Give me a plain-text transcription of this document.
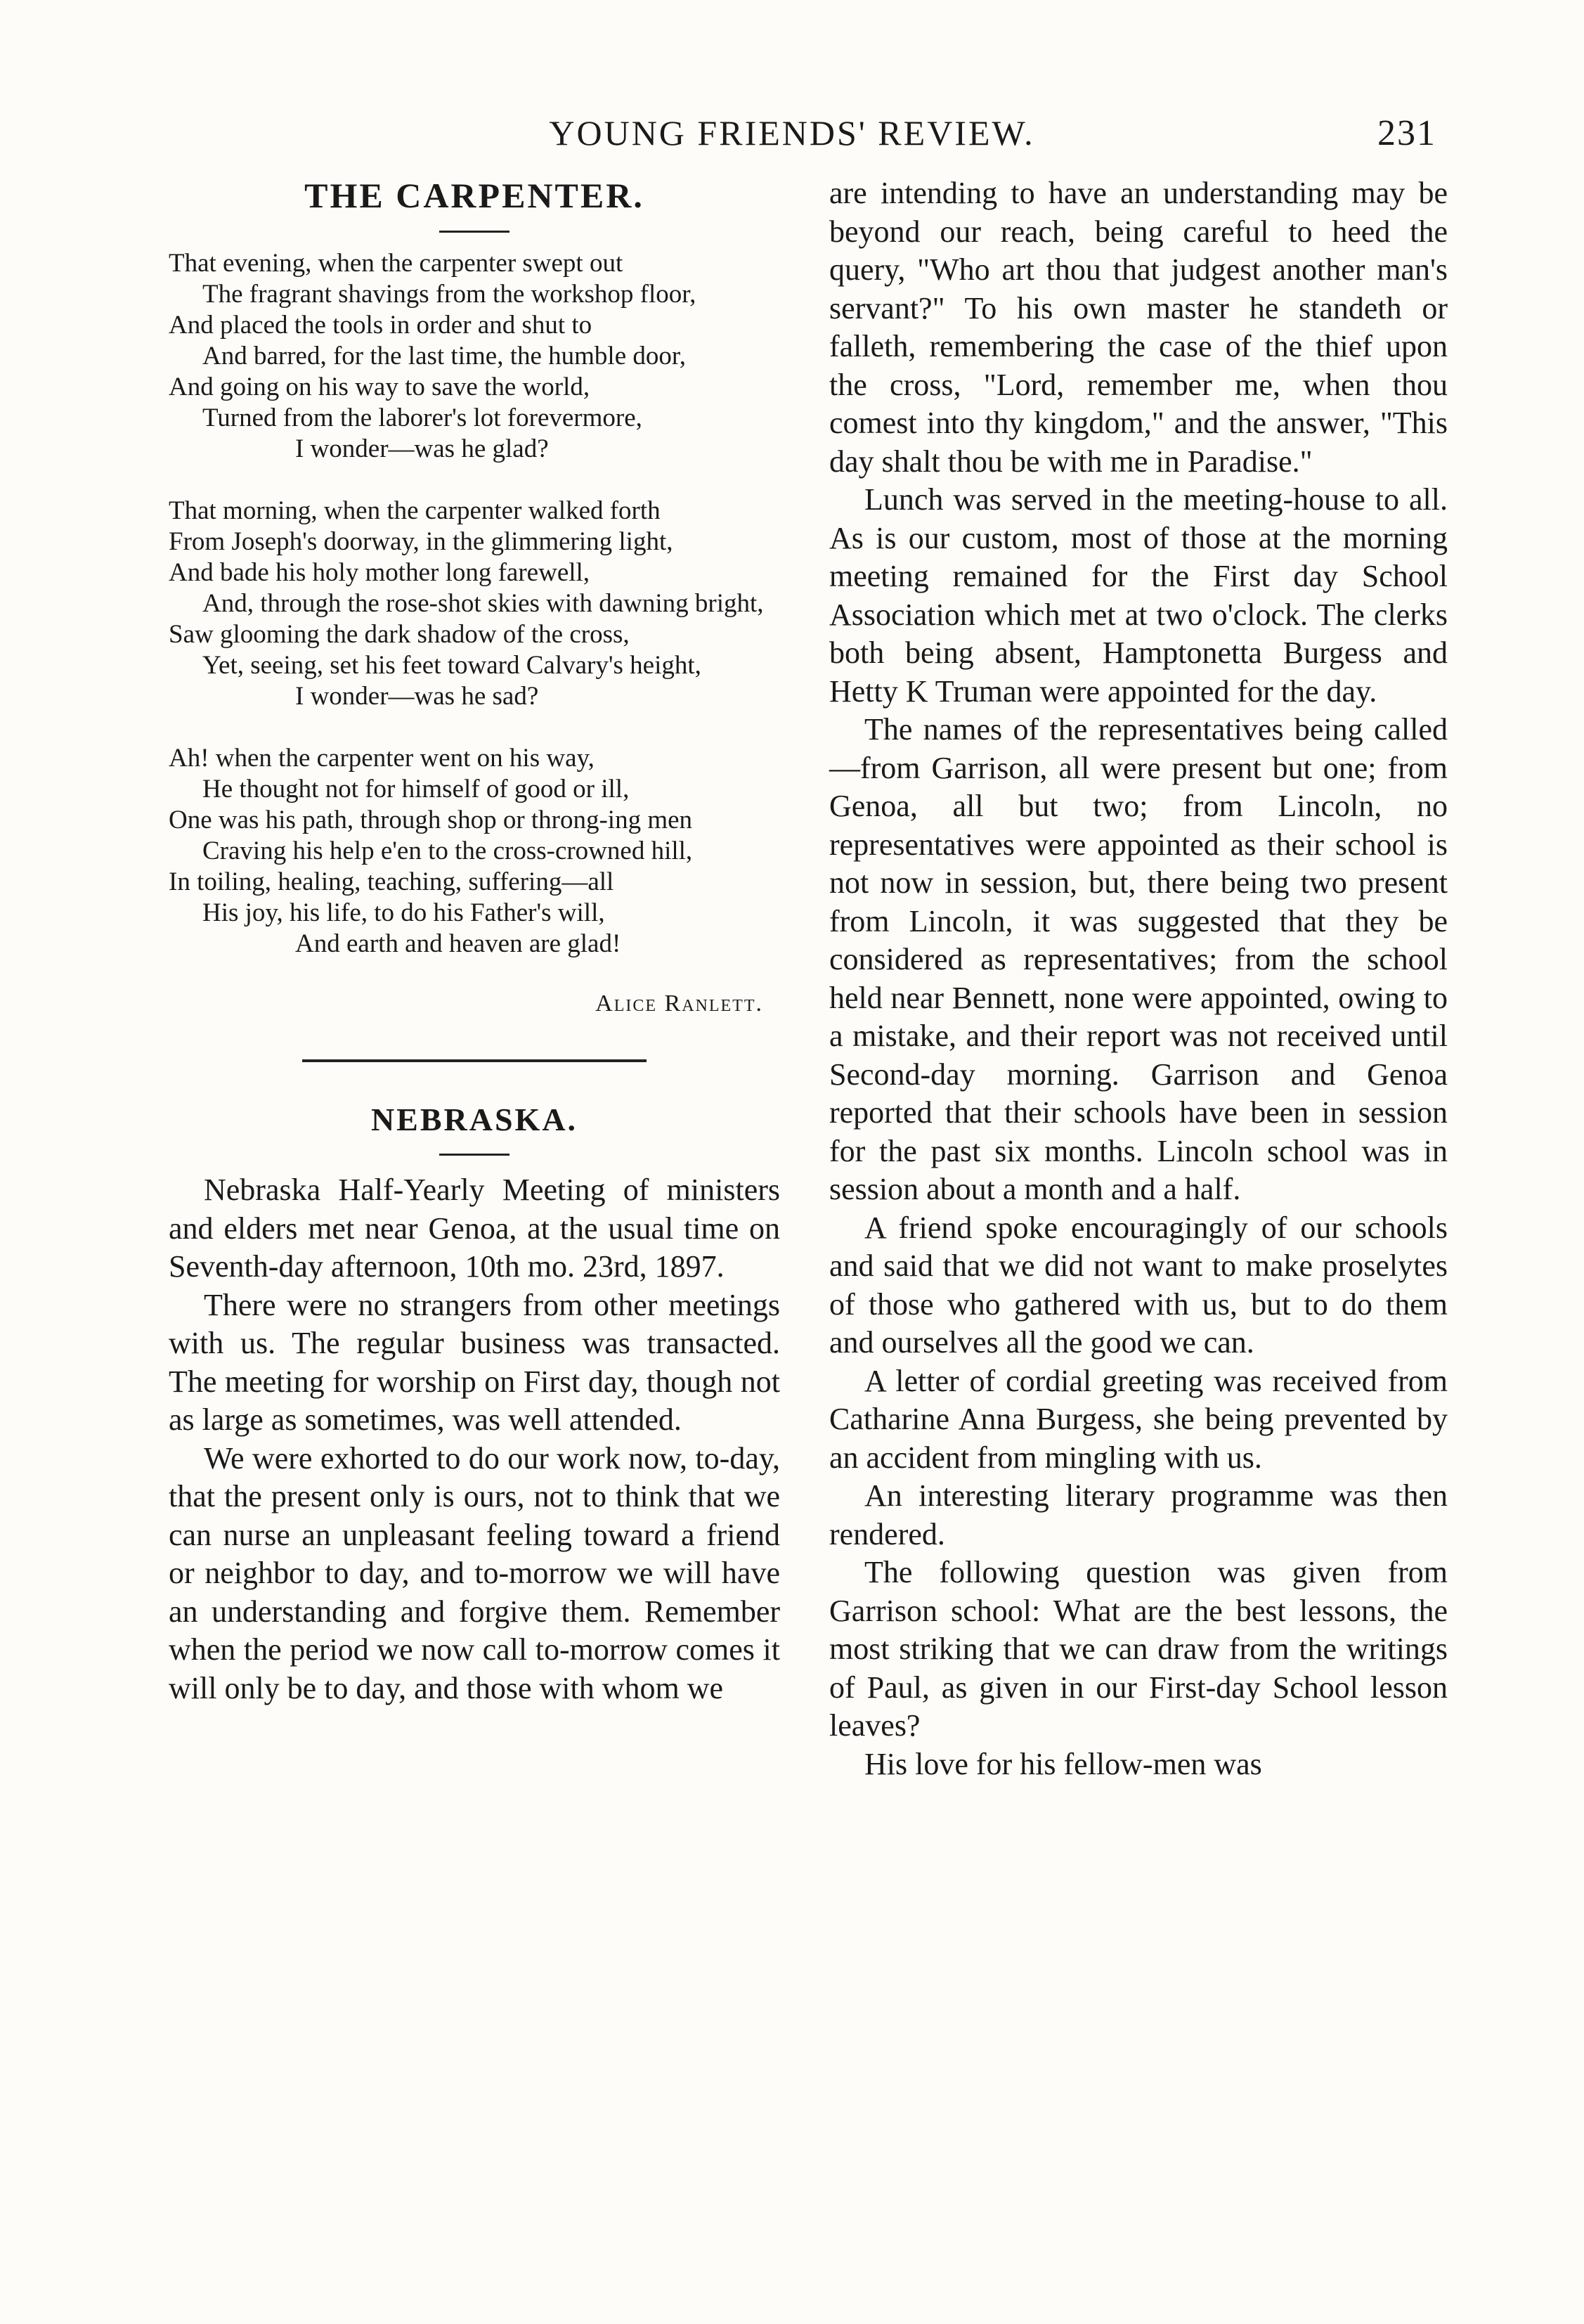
YOUNG FRIENDS' REVIEW.	231
THE CARPENTER.
That evening, when the carpenter swept out
The fragrant shavings from the workshop floor,
And placed the tools in order and shut to
And barred, for the last time, the humble door,
And going on his way to save the world,
Turned from the laborer's lot forevermore,
I wonder—was he glad?
That morning, when the carpenter walked forth
From Joseph's doorway, in the glimmering light,
And bade his holy mother long farewell,
And, through the rose-shot skies with dawning bright,
Saw glooming the dark shadow of the cross,
Yet, seeing, set his feet toward Calvary's height,
I wonder—was he sad?
Ah! when the carpenter went on his way,
He thought not for himself of good or ill,
One was his path, through shop or throng-ing men
Craving his help e'en to the cross-crowned hill,
In toiling, healing, teaching, suffering—all
His joy, his life, to do his Father's will,
And earth and heaven are glad!
Alice Ranlett.
NEBRASKA.

Nebraska Half-Yearly Meeting of ministers and elders met near Genoa, at the usual time on Seventh-day afternoon, 10th mo. 23rd, 1897.

There were no strangers from other meetings with us. The regular business was transacted. The meeting for worship on First day, though not as large as sometimes, was well attended.

We were exhorted to do our work now, to-day, that the present only is ours, not to think that we can nurse an unpleasant feeling toward a friend or neighbor to day, and to-morrow we will have an understanding and forgive them. Remember when the period we now call to-morrow comes it will only be to day, and those with whom we

are intending to have an understanding may be beyond our reach, being careful to heed the query, "Who art thou that judgest another man's servant?" To his own master he standeth or falleth, remembering the case of the thief upon the cross, "Lord, remember me, when thou comest into thy kingdom," and the answer, "This day shalt thou be with me in Paradise."

Lunch was served in the meeting-house to all. As is our custom, most of those at the morning meeting remained for the First day School Association which met at two o'clock. The clerks both being absent, Hamptonetta Burgess and Hetty K Truman were appointed for the day.

The names of the representatives being called—from Garrison, all were present but one; from Genoa, all but two; from Lincoln, no representatives were appointed as their school is not now in session, but, there being two present from Lincoln, it was suggested that they be considered as representatives; from the school held near Bennett, none were appointed, owing to a mistake, and their report was not received until Second-day morning. Garrison and Genoa reported that their schools have been in session for the past six months. Lincoln school was in session about a month and a half.

A friend spoke encouragingly of our schools and said that we did not want to make proselytes of those who gathered with us, but to do them and ourselves all the good we can.

A letter of cordial greeting was received from Catharine Anna Burgess, she being prevented by an accident from mingling with us.

An interesting literary programme was then rendered.

The following question was given from Garrison school: What are the best lessons, the most striking that we can draw from the writings of Paul, as given in our First-day School lesson leaves?

His love for his fellow-men was
